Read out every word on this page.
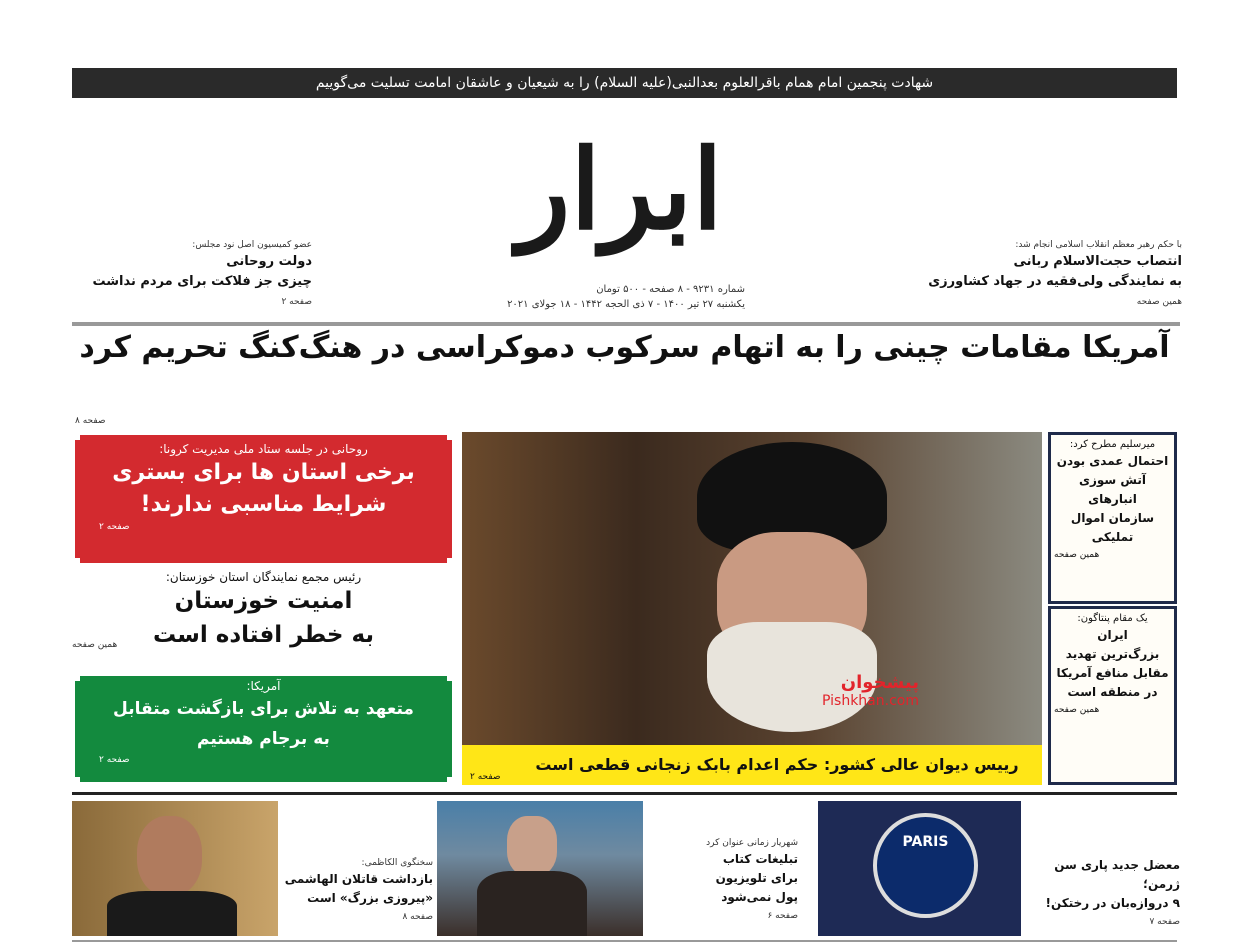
شهادت پنجمین امام همام باقرالعلوم بعدالنبی(علیه السلام) را به شیعیان و عاشقان امامت تسلیت می‌گوییم
ابرار
شماره ۹۲۳۱ - ۸ صفحه - ۵۰۰ تومان
یکشنبه ۲۷ تیر ۱۴۰۰ - ۷ ذی الحجه ۱۴۴۲ - ۱۸ جولای ۲۰۲۱
عضو کمیسیون اصل نود مجلس:
دولت روحانی
چیزی جز فلاکت برای مردم نداشت
صفحه ۲
با حکم رهبر معظم انقلاب اسلامی انجام شد:
انتصاب حجت‌الاسلام ربانی
به نمایندگی ولی‌فقیه در جهاد کشاورزی
همین صفحه
آمریکا مقامات چینی را به اتهام سرکوب دموکراسی در هنگ‌کنگ تحریم کرد
صفحه ۸
روحانی در جلسه ستاد ملی مدیریت کرونا:
برخی استان ها برای بستری
شرایط مناسبی ندارند!
صفحه ۲
رئیس مجمع نمایندگان استان خوزستان:
امنیت خوزستان
به خطر افتاده است
همین صفحه
آمریکا:
متعهد به تلاش برای بازگشت متقابل
به برجام هستیم
صفحه ۲
پیشخوان
Pishkhan.com
رییس دیوان عالی کشور: حکم اعدام بابک زنجانی قطعی است
صفحه ۲
میرسلیم مطرح کرد:
احتمال عمدی بودن
آتش سوزی انبارهای
سازمان اموال تملیکی
همین صفحه
یک مقام پنتاگون:
ایران
بزرگ‌ترین تهدید
مقابل منافع آمریکا
در منطقه است
همین صفحه
PARIS
معضل جدید پاری سن ژرمن؛
۹ دروازه‌بان در رختکن!
صفحه ۷
شهریار زمانی عنوان کرد
تبلیغات کتاب
برای تلویزیون
پول نمی‌شود
صفحه ۶
سخنگوی الکاظمی:
بازداشت قاتلان الهاشمی
«پیروزی بزرگ» است
صفحه ۸
